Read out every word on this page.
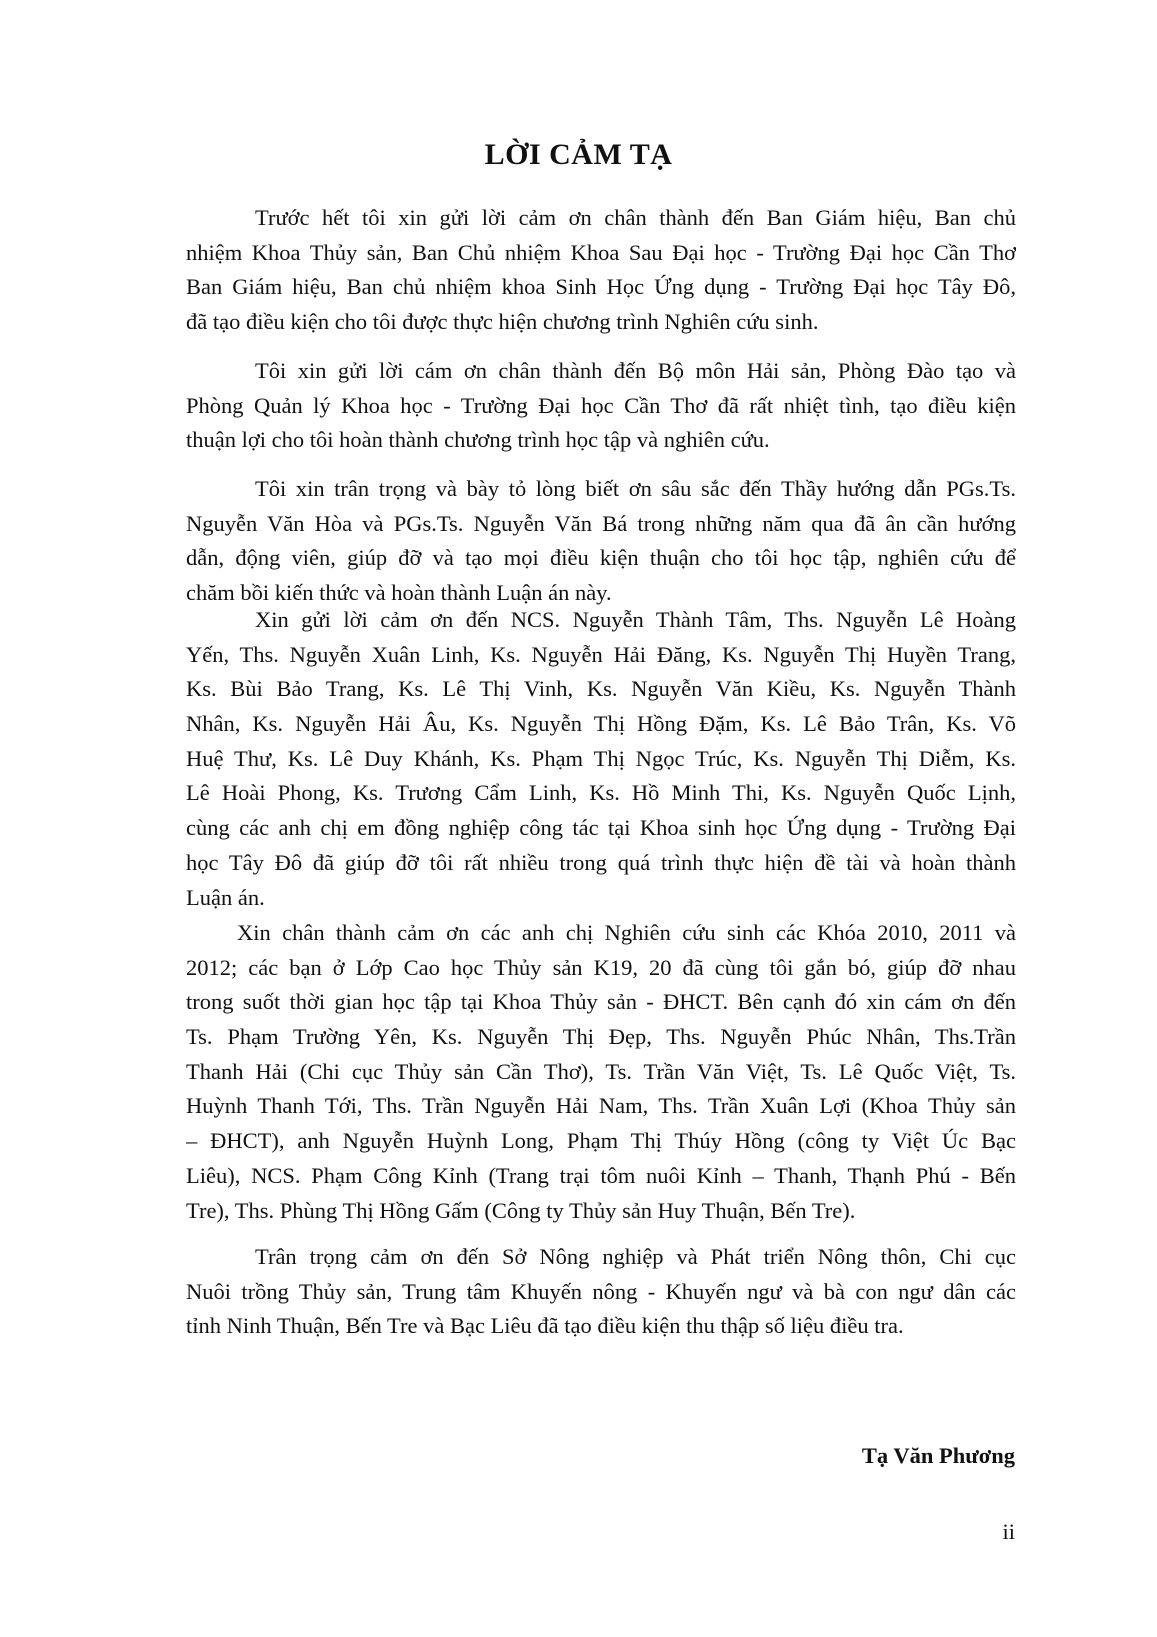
LỜI CẢM TẠ
Trước hết tôi xin gửi lời cảm ơn chân thành đến Ban Giám hiệu, Ban chủ
nhiệm Khoa Thủy sản, Ban Chủ nhiệm Khoa Sau Đại học - Trường Đại học Cần Thơ
Ban Giám hiệu, Ban chủ nhiệm khoa Sinh Học Ứng dụng - Trường Đại học Tây Đô,
đã tạo điều kiện cho tôi được thực hiện chương trình Nghiên cứu sinh.
Tôi xin gửi lời cám ơn chân thành đến Bộ môn Hải sản, Phòng Đào tạo và
Phòng Quản lý Khoa học - Trường Đại học Cần Thơ đã rất nhiệt tình, tạo điều kiện
thuận lợi cho tôi hoàn thành chương trình học tập và nghiên cứu.
Tôi xin trân trọng và bày tỏ lòng biết ơn sâu sắc đến Thầy hướng dẫn PGs.Ts.
Nguyễn Văn Hòa và PGs.Ts. Nguyễn Văn Bá trong những năm qua đã ân cần hướng
dẫn, động viên, giúp đỡ và tạo mọi điều kiện thuận cho tôi học tập, nghiên cứu để
chăm bồi kiến thức và hoàn thành Luận án này.
Xin gửi lời cảm ơn đến NCS. Nguyễn Thành Tâm, Ths. Nguyễn Lê Hoàng
Yến, Ths. Nguyễn Xuân Linh, Ks. Nguyễn Hải Đăng, Ks. Nguyễn Thị Huyền Trang,
Ks. Bùi Bảo Trang, Ks. Lê Thị Vinh, Ks. Nguyễn Văn Kiều, Ks. Nguyễn Thành
Nhân, Ks. Nguyễn Hải Âu, Ks. Nguyễn Thị Hồng Đặm, Ks. Lê Bảo Trân, Ks. Võ
Huệ Thư, Ks. Lê Duy Khánh, Ks. Phạm Thị Ngọc Trúc, Ks. Nguyễn Thị Diễm, Ks.
Lê Hoài Phong, Ks. Trương Cẩm Linh, Ks. Hồ Minh Thi, Ks. Nguyễn Quốc Lịnh,
cùng các anh chị em đồng nghiệp công tác tại Khoa sinh học Ứng dụng - Trường Đại
học Tây Đô đã giúp đỡ tôi rất nhiều trong quá trình thực hiện đề tài và hoàn thành
Luận án.
Xin chân thành cảm ơn các anh chị Nghiên cứu sinh các Khóa 2010, 2011 và
2012; các bạn ở Lớp Cao học Thủy sản K19, 20 đã cùng tôi gắn bó, giúp đỡ nhau
trong suốt thời gian học tập tại Khoa Thủy sản - ĐHCT. Bên cạnh đó xin cám ơn đến
Ts. Phạm Trường Yên, Ks. Nguyễn Thị Đẹp, Ths. Nguyễn Phúc Nhân, Ths.Trần
Thanh Hải (Chi cục Thủy sản Cần Thơ), Ts. Trần Văn Việt, Ts. Lê Quốc Việt, Ts.
Huỳnh Thanh Tới, Ths. Trần Nguyễn Hải Nam, Ths. Trần Xuân Lợi (Khoa Thủy sản
– ĐHCT), anh Nguyễn Huỳnh Long, Phạm Thị Thúy Hồng (công ty Việt Úc Bạc
Liêu), NCS. Phạm Công Kỉnh (Trang trại tôm nuôi Kỉnh – Thanh, Thạnh Phú - Bến
Tre), Ths. Phùng Thị Hồng Gấm (Công ty Thủy sản Huy Thuận, Bến Tre).
Trân trọng cảm ơn đến Sở Nông nghiệp và Phát triển Nông thôn, Chi cục
Nuôi trồng Thủy sản, Trung tâm Khuyến nông - Khuyến ngư và bà con ngư dân các
tỉnh Ninh Thuận, Bến Tre và Bạc Liêu đã tạo điều kiện thu thập số liệu điều tra.
Tạ Văn Phương
ii
